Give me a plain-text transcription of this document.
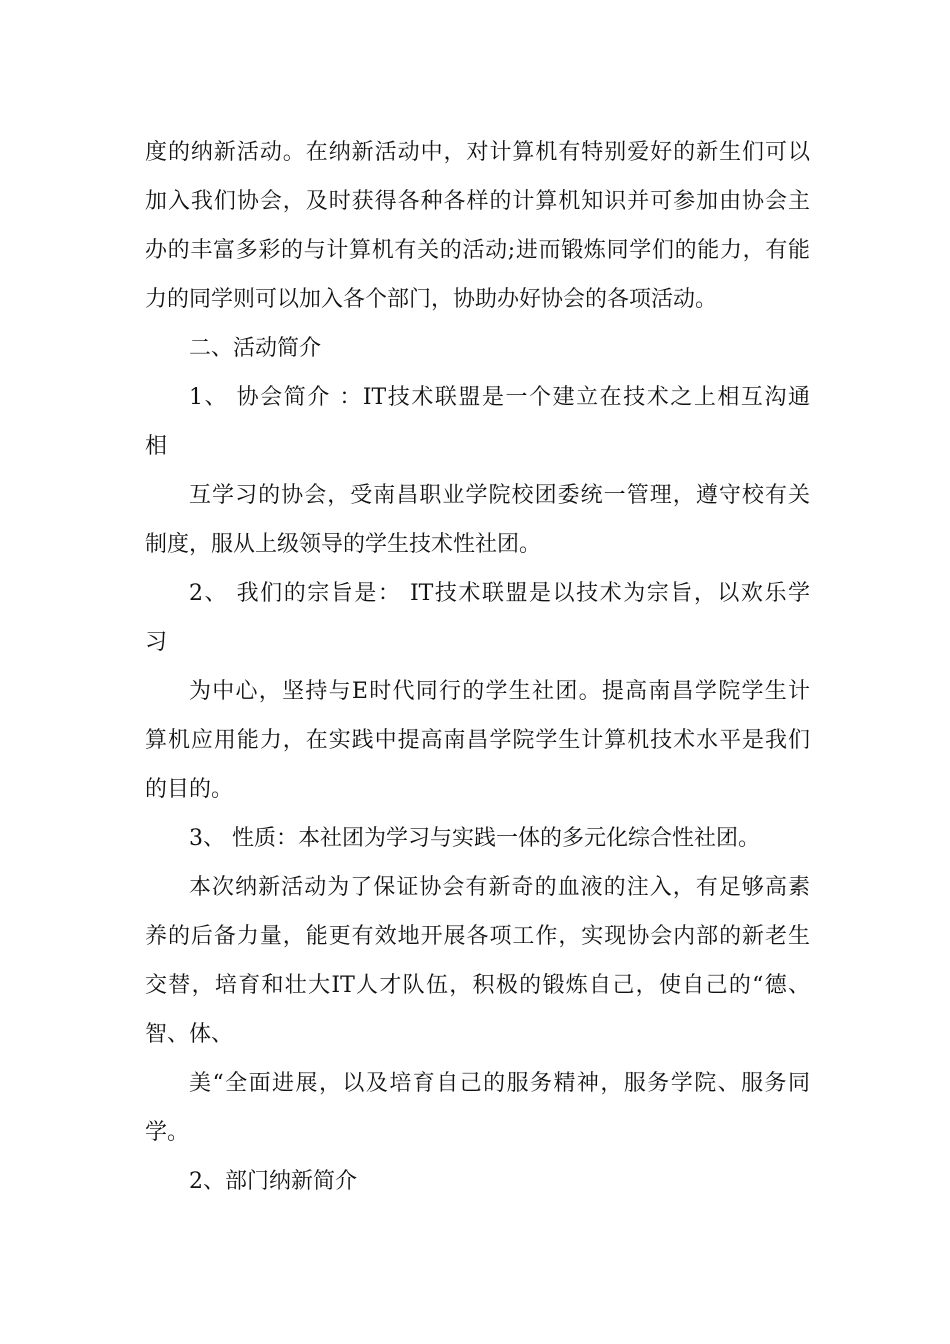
度的纳新活动。在纳新活动中，对计算机有特别爱好的新生们可以
加入我们协会，及时获得各种各样的计算机知识并可参加由协会主
办的丰富多彩的与计算机有关的活动;进而锻炼同学们的能力，有能
力的同学则可以加入各个部门，协助办好协会的各项活动。
二、活动简介
1、 协会简介 ：IT技术联盟是一个建立在技术之上相互沟通
相
互学习的协会，受南昌职业学院校团委统一管理，遵守校有关
制度，服从上级领导的学生技术性社团。
2、 我们的宗旨是： IT技术联盟是以技术为宗旨，以欢乐学
习
为中心，坚持与E时代同行的学生社团。提高南昌学院学生计
算机应用能力，在实践中提高南昌学院学生计算机技术水平是我们
的目的。
3、 性质：本社团为学习与实践一体的多元化综合性社团。
本次纳新活动为了保证协会有新奇的血液的注入，有足够高素
养的后备力量，能更有效地开展各项工作，实现协会内部的新老生
交替，培育和壮大IT人才队伍，积极的锻炼自己，使自己的“德、
智、体、
美“全面进展，以及培育自己的服务精神，服务学院、服务同
学。
2、部门纳新简介
